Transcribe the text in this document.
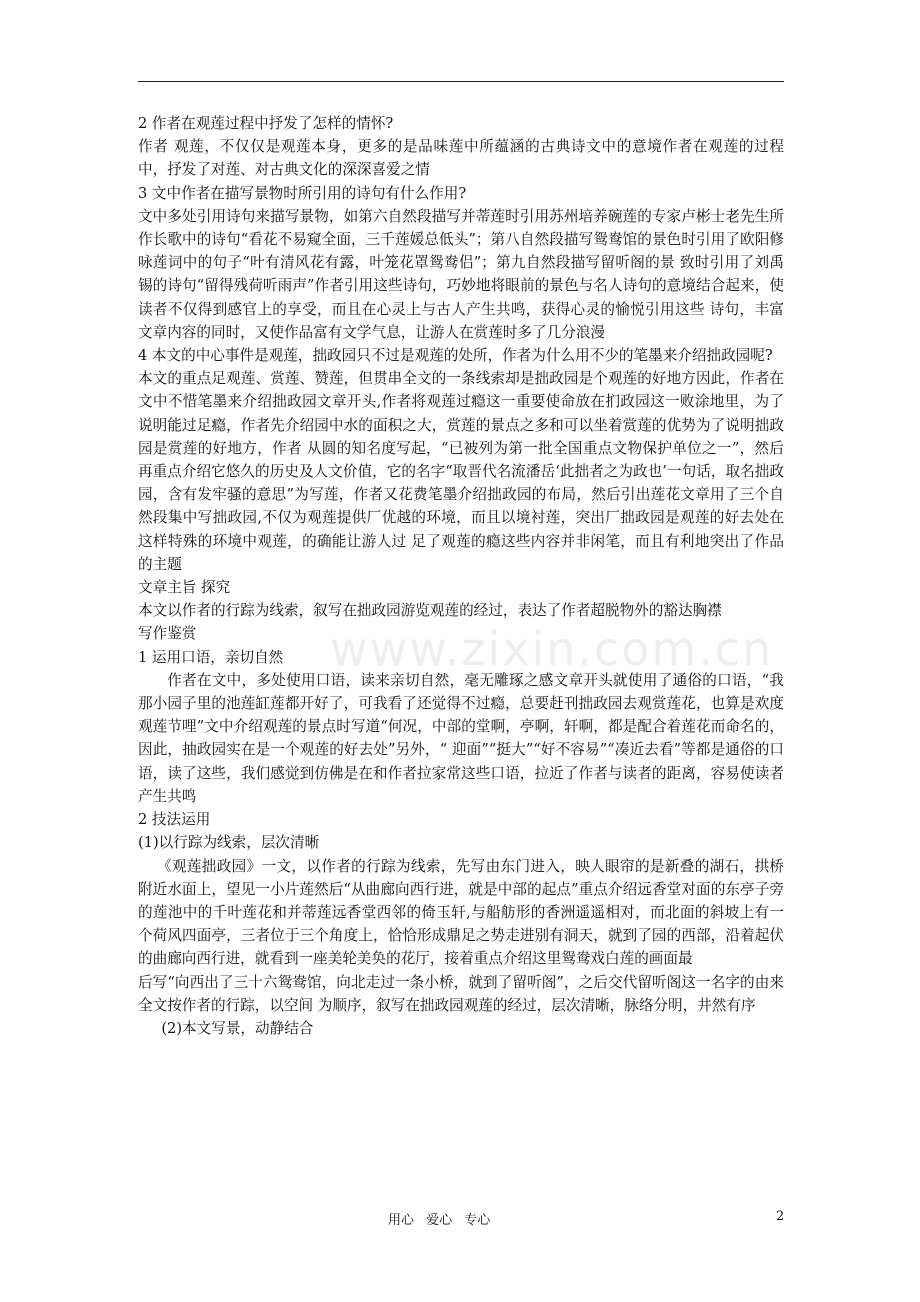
2 作者在观莲过程中抒发了怎样的情怀?

作者 观莲，不仅仅是观莲本身，更多的是品味莲中所蕴涵的古典诗文中的意境作者在观莲的过程中，抒发了对莲、对古典文化的深深喜爱之情

3 文中作者在描写景物时所引用的诗句有什么作用?

文中多处引用诗句来描写景物，如第六自然段描写并蒂莲时引用苏州培养碗莲的专家卢彬士老先生所作长歌中的诗句“看花不易窥全面，三千莲媛总低头”；第八自然段描写鸳鸯馆的景色时引用了欧阳修咏莲词中的句子“叶有清风花有露，叶笼花罩鸳鸯侣”；第九自然段描写留听阁的景 致时引用了刘禹锡的诗句“留得残荷听雨声”作者引用这些诗句，巧妙地将眼前的景色与名人诗句的意境结合起来，使读者不仅得到感官上的享受，而且在心灵上与古人产生共鸣，获得心灵的愉悦引用这些 诗句，丰富文章内容的同时，又使作品富有文学气息，让游人在赏莲时多了几分浪漫

4 本文的中心事件是观莲，拙政园只不过是观莲的处所，作者为什么用不少的笔墨来介绍拙政园呢?

本文的重点足观莲、赏莲、赞莲，但贯串全文的一条线索却是拙政园是个观莲的好地方因此，作者在文中不惜笔墨来介绍拙政园文章开头,作者将观莲过瘾这一重要使命放在扪政园这一败涂地里，为了说明能过足瘾，作者先介绍园中水的面积之大，赏莲的景点之多和可以坐着赏莲的优势为了说明拙政园是赏莲的好地方，作者 从圆的知名度写起，“已被列为第一批全国重点文物保护单位之一”，然后再重点介绍它悠久的历史及人文价值，它的名字“取晋代名流潘岳‘此拙者之为政也’一句话，取名拙政园，含有发牢骚的意思”为写莲，作者又花费笔墨介绍拙政园的布局，然后引出莲花文章用了三个自然段集中写拙政园,不仅为观莲提供厂优越的环境，而且以境衬莲，突出厂拙政园是观莲的好去处在这样特殊的环境中观莲，的确能让游人过 足了观莲的瘾这些内容并非闲笔，而且有利地突出了作品的主题

文章主旨 探究

本文以作者的行踪为线索，叙写在拙政园游览观莲的经过，表达了作者超脱物外的豁达胸襟

写作鉴赏

1 运用口语，亲切自然

作者在文中，多处使用口语，读来亲切自然，毫无雕琢之感文章开头就使用了通俗的口语，“我那小园子里的池莲缸莲都开好了，可我看了还觉得不过瘾，总要赶刊拙政园去观赏莲花，也算是欢度观莲节哩”文中介绍观莲的景点时写道“何况，中部的堂啊，亭啊，轩啊，都是配合着莲花而命名的，因此，抽政园实在是一个观莲的好去处”另外，“ 迎面”“挺大”“好不容易”“凑近去看”等都是通俗的口语，读了这些，我们感觉到仿佛是在和作者拉家常这些口语，拉近了作者与读者的距离，容易使读者产生共鸣

2 技法运用

(1)以行踪为线索，层次清晰

《观莲拙政园》一文，以作者的行踪为线索，先写由东门进入，映人眼帘的是新叠的湖石，拱桥附近水面上，望见一小片莲然后“从曲廊向西行进，就是中部的起点”重点介绍远香堂对面的东亭子旁的莲池中的千叶莲花和并蒂莲远香堂西邻的倚玉轩,与船舫形的香洲遥遥相对，而北面的斜坡上有一个荷风四面亭，三者位于三个角度上，恰恰形成鼎足之势走进别有洞天，就到了园的西部，沿着起伏的曲廊向西行进，就看到一座美轮美奂的花厅，接着重点介绍这里鸳鸯戏白莲的画面最

后写“向西出了三十六鸳鸯馆，向北走过一条小桥，就到了留听阁”，之后交代留听阁这一名字的由来全文按作者的行踪，以空间 为顺序，叙写在拙政园观莲的经过，层次清晰，脉络分明，井然有序

(2)本文写景，动静结合

www.zixin.com.cn
用心 爱心 专心	2
